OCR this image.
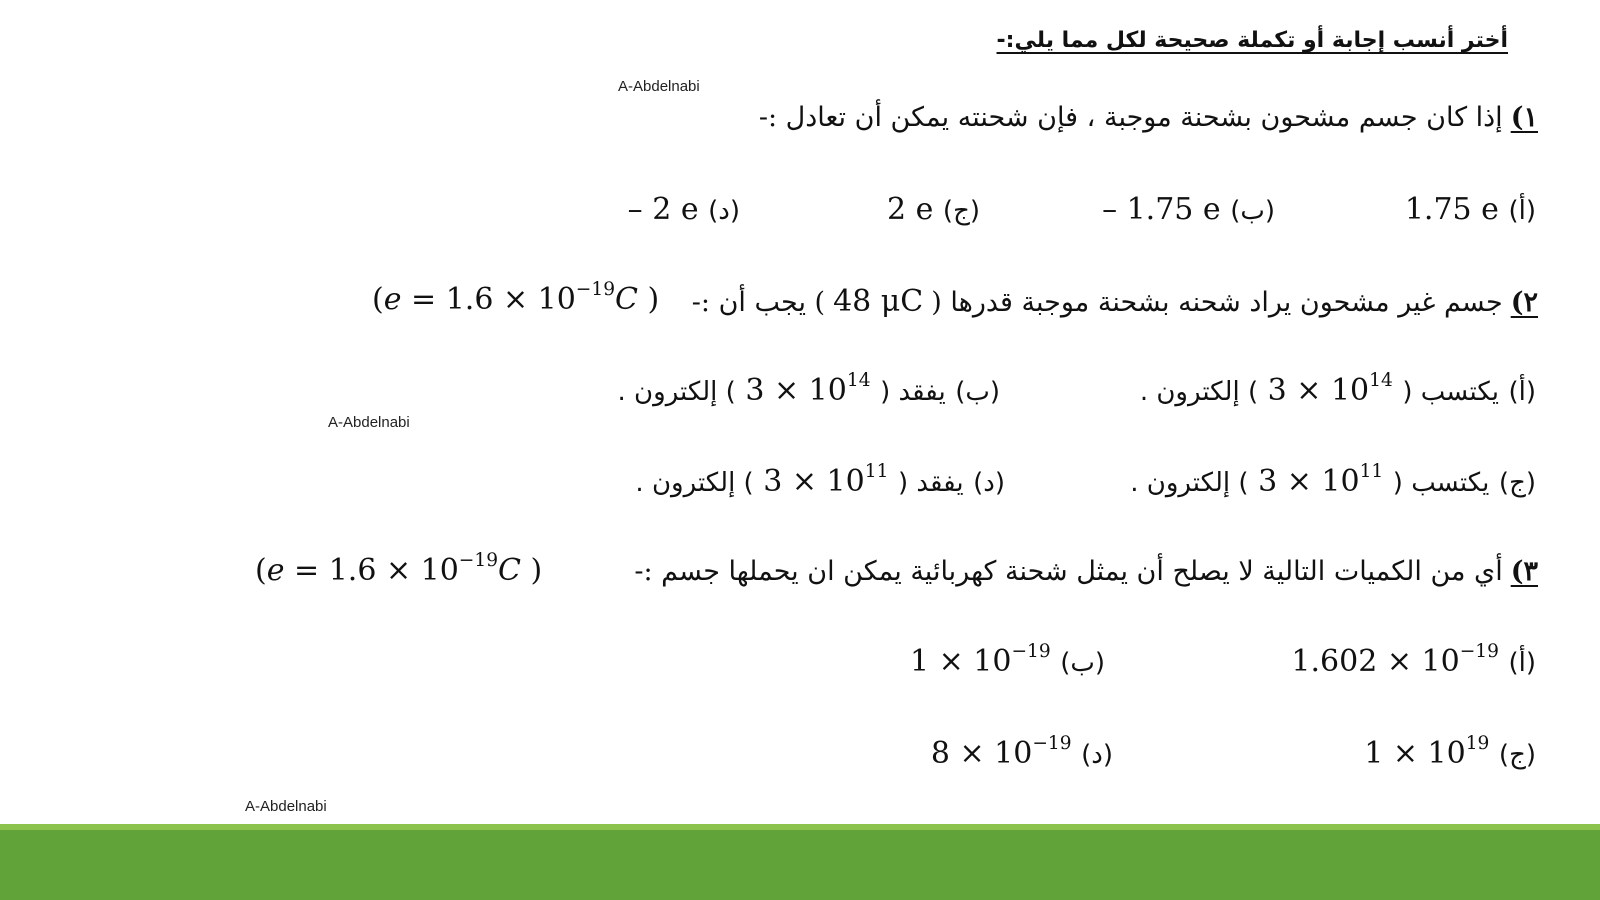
أختر أنسب إجابة أو تكملة صحيحة لكل مما يلي:-
A-Abdelnabi
A-Abdelnabi
A-Abdelnabi
١)
إذا كان جسم مشحون بشحنة موجبة ، فإن شحنته يمكن أن تعادل :-
(أ) 1.75 e
(ب) – 1.75 e
(ج) 2 e
(د) – 2 e
٢)
جسم غير مشحون يراد شحنه بشحنة موجبة قدرها (
48 μC
) يجب أن :-
($e = 1.6 \times 10^{-19}C$ )
(أ) يكتسب ( $3 \times 10^{14}$ ) إلكترون .
(ب) يفقد ( $3 \times 10^{14}$ ) إلكترون .
(ج) يكتسب ( $3 \times 10^{11}$ ) إلكترون .
(د) يفقد ( $3 \times 10^{11}$ ) إلكترون .
٣)
أي من الكميات التالية لا يصلح أن يمثل شحنة كهربائية يمكن ان يحملها جسم :-
($e = 1.6 \times 10^{-19}C$ )
(أ) $1.602 \times 10^{-19}$
(ب) $1 \times 10^{-19}$
(ج) $1 \times 10^{19}$
(د) $8 \times 10^{-19}$
